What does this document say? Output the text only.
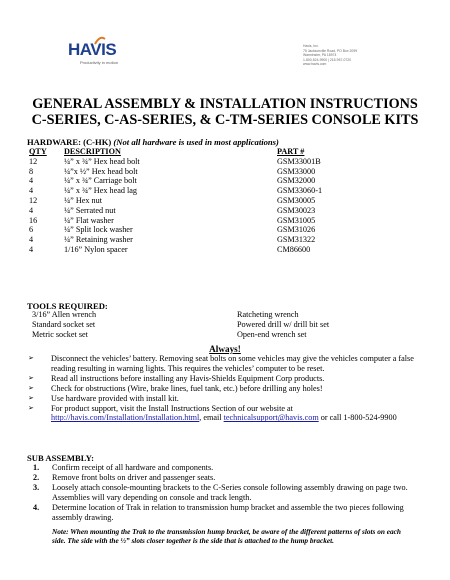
HAVIS
Productivity in motion
Havis, Inc.
75 Jacksonville Road, PO Box 2099
Warminster, PA 18974
1-800-524-9900 | 215-957-0720
www.havis.com
GENERAL ASSEMBLY & INSTALLATION INSTRUCTIONS
C-SERIES, C-AS-SERIES, & C-TM-SERIES CONSOLE KITS
HARDWARE: (C-HK) (Not all hardware is used in most applications)
QTY DESCRIPTION	PART #
12	¼” x ¾” Hex head bolt	GSM33001B
8	¼”x ½” Hex head bolt	GSM33000
4	¼” x ¾” Carriage bolt	GSM32000
4	¼” x ¾” Hex head lag	GSM33060-1
12	¼” Hex nut	GSM30005
4	¼” Serrated nut	GSM30023
16	¼” Flat washer	GSM31005
6	¼” Split lock washer	GSM31026
4	¼” Retaining washer	GSM31322
4	1/16” Nylon spacer	CM86600
TOOLS REQUIRED:
3/16” Allen wrench	Ratcheting wrench
Standard socket set	Powered drill w/ drill bit set
Metric socket set	Open-end wrench set
Always!
➢ Disconnect the vehicles’ battery. Removing seat bolts on some vehicles may give the vehicles computer a false reading resulting in warning lights. This requires the vehicles’ computer to be reset.
➢ Read all instructions before installing any Havis-Shields Equipment Corp products.
➢ Check for obstructions (Wire, brake lines, fuel tank, etc.) before drilling any holes!
➢ Use hardware provided with install kit.
➢ For product support, visit the Install Instructions Section of our website at http://havis.com/Installation/Installation.html, email technicalsupport@havis.com or call 1-800-524-9900
SUB ASSEMBLY:
1. Confirm receipt of all hardware and components.
2. Remove front bolts on driver and passenger seats.
3. Loosely attach console-mounting brackets to the C-Series console following assembly drawing on page two. Assemblies will vary depending on console and track length.
4. Determine location of Trak in relation to transmission hump bracket and assemble the two pieces following assembly drawing.
Note: When mounting the Trak to the transmission hump bracket, be aware of the different patterns of slots on each side. The side with the ½” slots closer together is the side that is attached to the hump bracket.
